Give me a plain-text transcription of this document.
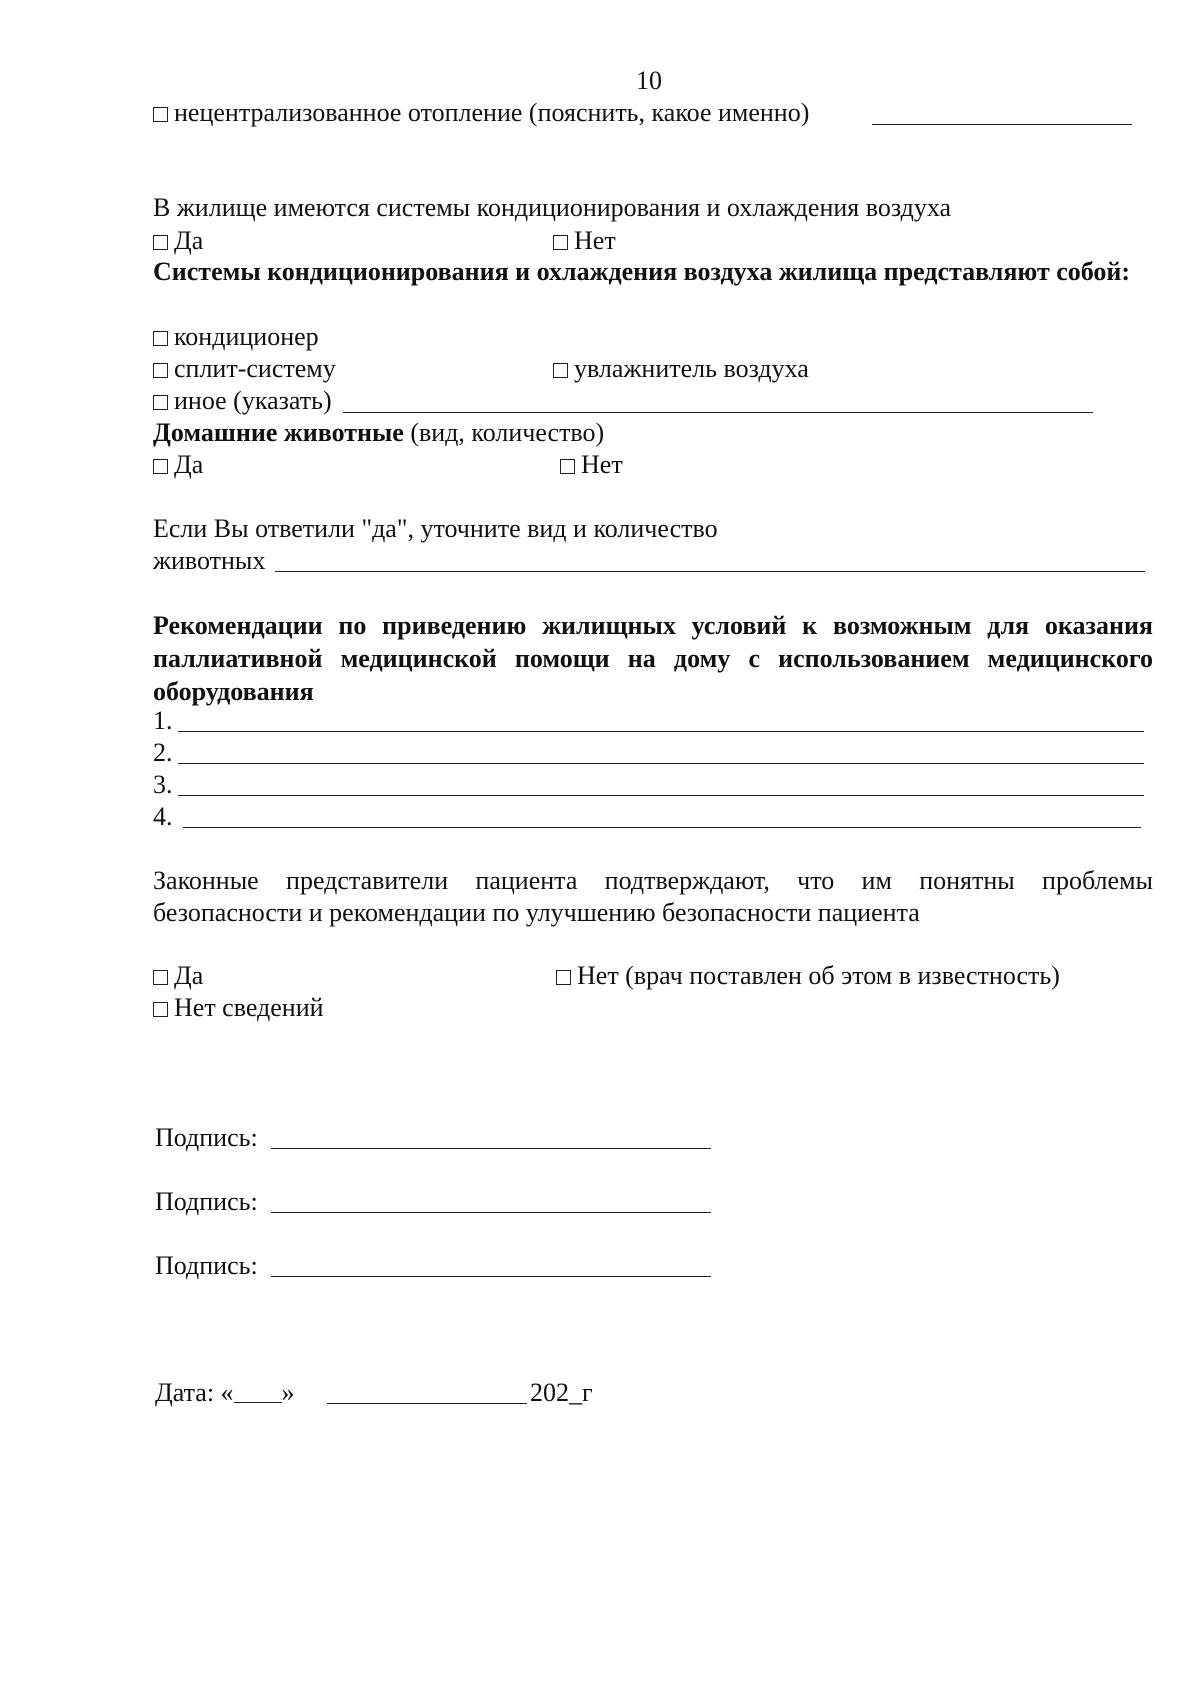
10
нецентрализованное отопление (пояснить, какое именно)
В жилище имеются системы кондиционирования и охлаждения воздуха
Да	Нет
Системы кондиционирования и охлаждения воздуха жилища представляют собой:
кондиционер
сплит-систему	увлажнитель воздуха
иное (указать)
Домашние животные (вид, количество)
Да	Нет
Если Вы ответили "да", уточните вид и количество
животных
Рекомендации по приведению жилищных условий к возможным для оказания паллиативной медицинской помощи на дому с использованием медицинского оборудования
1.
2.
3.
4.
Законные представители пациента подтверждают, что им понятны проблемы безопасности и рекомендации по улучшению безопасности пациента
Да	Нет (врач поставлен об этом в известность)
Нет сведений
Подпись:
Подпись:
Подпись:
Дата: « »	202_г
